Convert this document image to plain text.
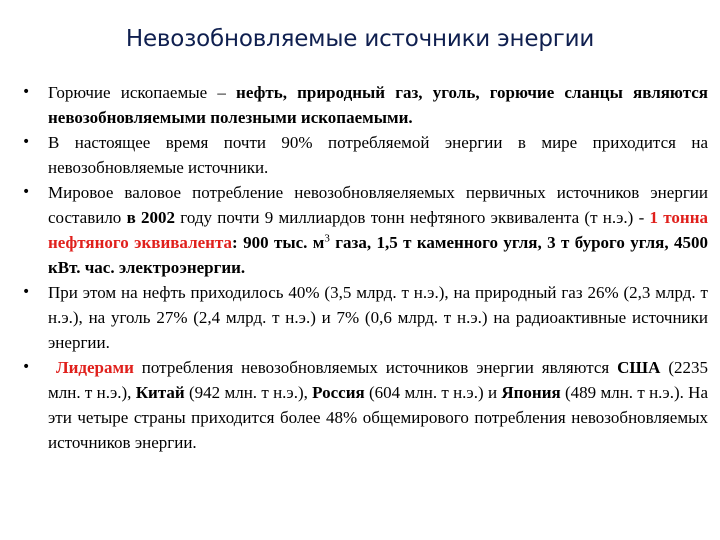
Невозобновляемые источники энергии
• Горючие ископаемые – нефть, природный газ, уголь, горючие сланцы являются невозобновляемыми полезными ископаемыми.
• В настоящее время почти 90% потребляемой энергии в мире приходится на невозобновляемые источники.
• Мировое валовое потребление невозобновляеляемых первичных источников энергии составило в 2002 году почти 9 миллиардов тонн нефтяного эквивалента (т н.э.) - 1 тонна нефтяного эквивалента: 900 тыс. $м^3$ газа, 1,5 т каменного угля, 3 т бурого угля, 4500 кВт. час. электроэнергии.
• При этом на нефть приходилось 40% (3,5 млрд. т н.э.), на природный газ 26% (2,3 млрд. т н.э.), на уголь 27% (2,4 млрд. т н.э.) и 7% (0,6 млрд. т н.э.) на радиоактивные источники энергии.
• Лидерами потребления невозобновляемых источников энергии являются США (2235 млн. т н.э.), Китай (942 млн. т н.э.), Россия (604 млн. т н.э.) и Япония (489 млн. т н.э.). На эти четыре страны приходится более 48% общемирового потребления невозобновляемых источников энергии.
